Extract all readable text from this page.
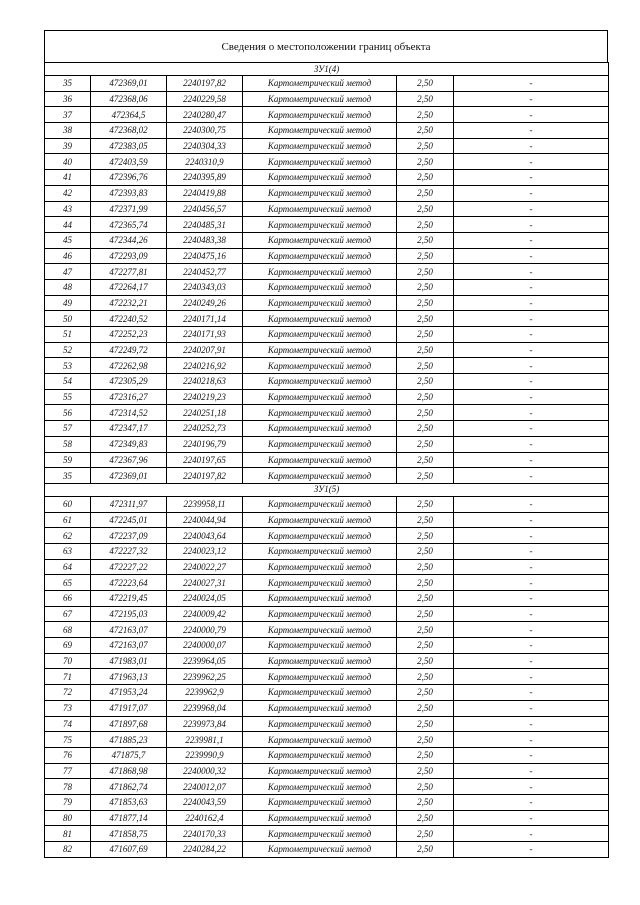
Сведения о местоположении границ объекта
ЗУ1(4)					
35	472369,01	2240197,82	Картометрический метод	2,50	-
36	472368,06	2240229,58	Картометрический метод	2,50	-
37	472364,5	2240280,47	Картометрический метод	2,50	-
38	472368,02	2240300,75	Картометрический метод	2,50	-
39	472383,05	2240304,33	Картометрический метод	2,50	-
40	472403,59	2240310,9	Картометрический метод	2,50	-
41	472396,76	2240395,89	Картометрический метод	2,50	-
42	472393,83	2240419,88	Картометрический метод	2,50	-
43	472371,99	2240456,57	Картометрический метод	2,50	-
44	472365,74	2240485,31	Картометрический метод	2,50	-
45	472344,26	2240483,38	Картометрический метод	2,50	-
46	472293,09	2240475,16	Картометрический метод	2,50	-
47	472277,81	2240452,77	Картометрический метод	2,50	-
48	472264,17	2240343,03	Картометрический метод	2,50	-
49	472232,21	2240249,26	Картометрический метод	2,50	-
50	472240,52	2240171,14	Картометрический метод	2,50	-
51	472252,23	2240171,93	Картометрический метод	2,50	-
52	472249,72	2240207,91	Картометрический метод	2,50	-
53	472262,98	2240216,92	Картометрический метод	2,50	-
54	472305,29	2240218,63	Картометрический метод	2,50	-
55	472316,27	2240219,23	Картометрический метод	2,50	-
56	472314,52	2240251,18	Картометрический метод	2,50	-
57	472347,17	2240252,73	Картометрический метод	2,50	-
58	472349,83	2240196,79	Картометрический метод	2,50	-
59	472367,96	2240197,65	Картометрический метод	2,50	-
35	472369,01	2240197,82	Картометрический метод	2,50	-
ЗУ1(5)					
60	472311,97	2239958,11	Картометрический метод	2,50	-
61	472245,01	2240044,94	Картометрический метод	2,50	-
62	472237,09	2240043,64	Картометрический метод	2,50	-
63	472227,32	2240023,12	Картометрический метод	2,50	-
64	472227,22	2240022,27	Картометрический метод	2,50	-
65	472223,64	2240027,31	Картометрический метод	2,50	-
66	472219,45	2240024,05	Картометрический метод	2,50	-
67	472195,03	2240009,42	Картометрический метод	2,50	-
68	472163,07	2240000,79	Картометрический метод	2,50	-
69	472163,07	2240000,07	Картометрический метод	2,50	-
70	471983,01	2239964,05	Картометрический метод	2,50	-
71	471963,13	2239962,25	Картометрический метод	2,50	-
72	471953,24	2239962,9	Картометрический метод	2,50	-
73	471917,07	2239968,04	Картометрический метод	2,50	-
74	471897,68	2239973,84	Картометрический метод	2,50	-
75	471885,23	2239981,1	Картометрический метод	2,50	-
76	471875,7	2239990,9	Картометрический метод	2,50	-
77	471868,98	2240000,32	Картометрический метод	2,50	-
78	471862,74	2240012,07	Картометрический метод	2,50	-
79	471853,63	2240043,59	Картометрический метод	2,50	-
80	471877,14	2240162,4	Картометрический метод	2,50	-
81	471858,75	2240170,33	Картометрический метод	2,50	-
82	471607,69	2240284,22	Картометрический метод	2,50	-
